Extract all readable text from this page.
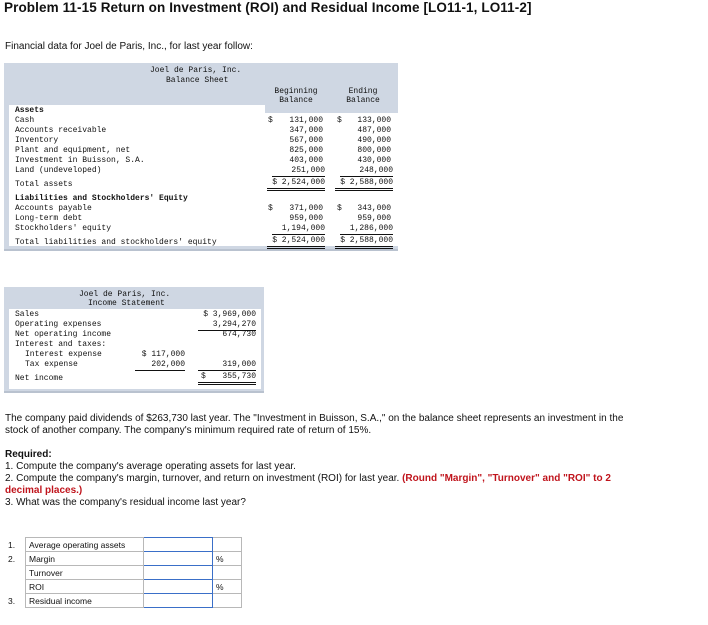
Problem 11-15 Return on Investment (ROI) and Residual Income [LO11-1, LO11-2]
Financial data for Joel de Paris, Inc., for last year follow:
Joel de Paris, Inc.
Balance Sheet
Beginning
Balance
Ending
Balance
Assets
Cash	$	131,000 $	133,000
Accounts receivable	347,000	487,000
Inventory	567,000	490,000
Plant and equipment, net	825,000	800,000
Investment in Buisson, S.A.	403,000	430,000
Land (undeveloped)	251,000	248,000
Total assets	$ 2,524,000	$ 2,588,000
Liabilities and Stockholders' Equity
Accounts payable	$	371,000 $	343,000
Long-term debt	959,000	959,000
Stockholders' equity	1,194,000	1,286,000
Total liabilities and stockholders' equity	$ 2,524,000	$ 2,588,000
Joel de Paris, Inc.
Income Statement
Sales	$ 3,969,000
Operating expenses	3,294,270
Net operating income	674,730
Interest and taxes:
Interest expense	$ 117,000
Tax expense	202,000	319,000
Net income	$	355,730
The company paid dividends of $263,730 last year. The "Investment in Buisson, S.A.," on the balance sheet represents an investment in the stock of another company. The company's minimum required rate of return of 15%.
Required:
1. Compute the company's average operating assets for last year.
2. Compute the company's margin, turnover, and return on investment (ROI) for last year. (Round "Margin", "Turnover" and "ROI" to 2 decimal places.)
3. What was the company's residual income last year?
1.	Average operating assets		
2.	Margin		%
	Turnover		
	ROI		%
3.	Residual income		
